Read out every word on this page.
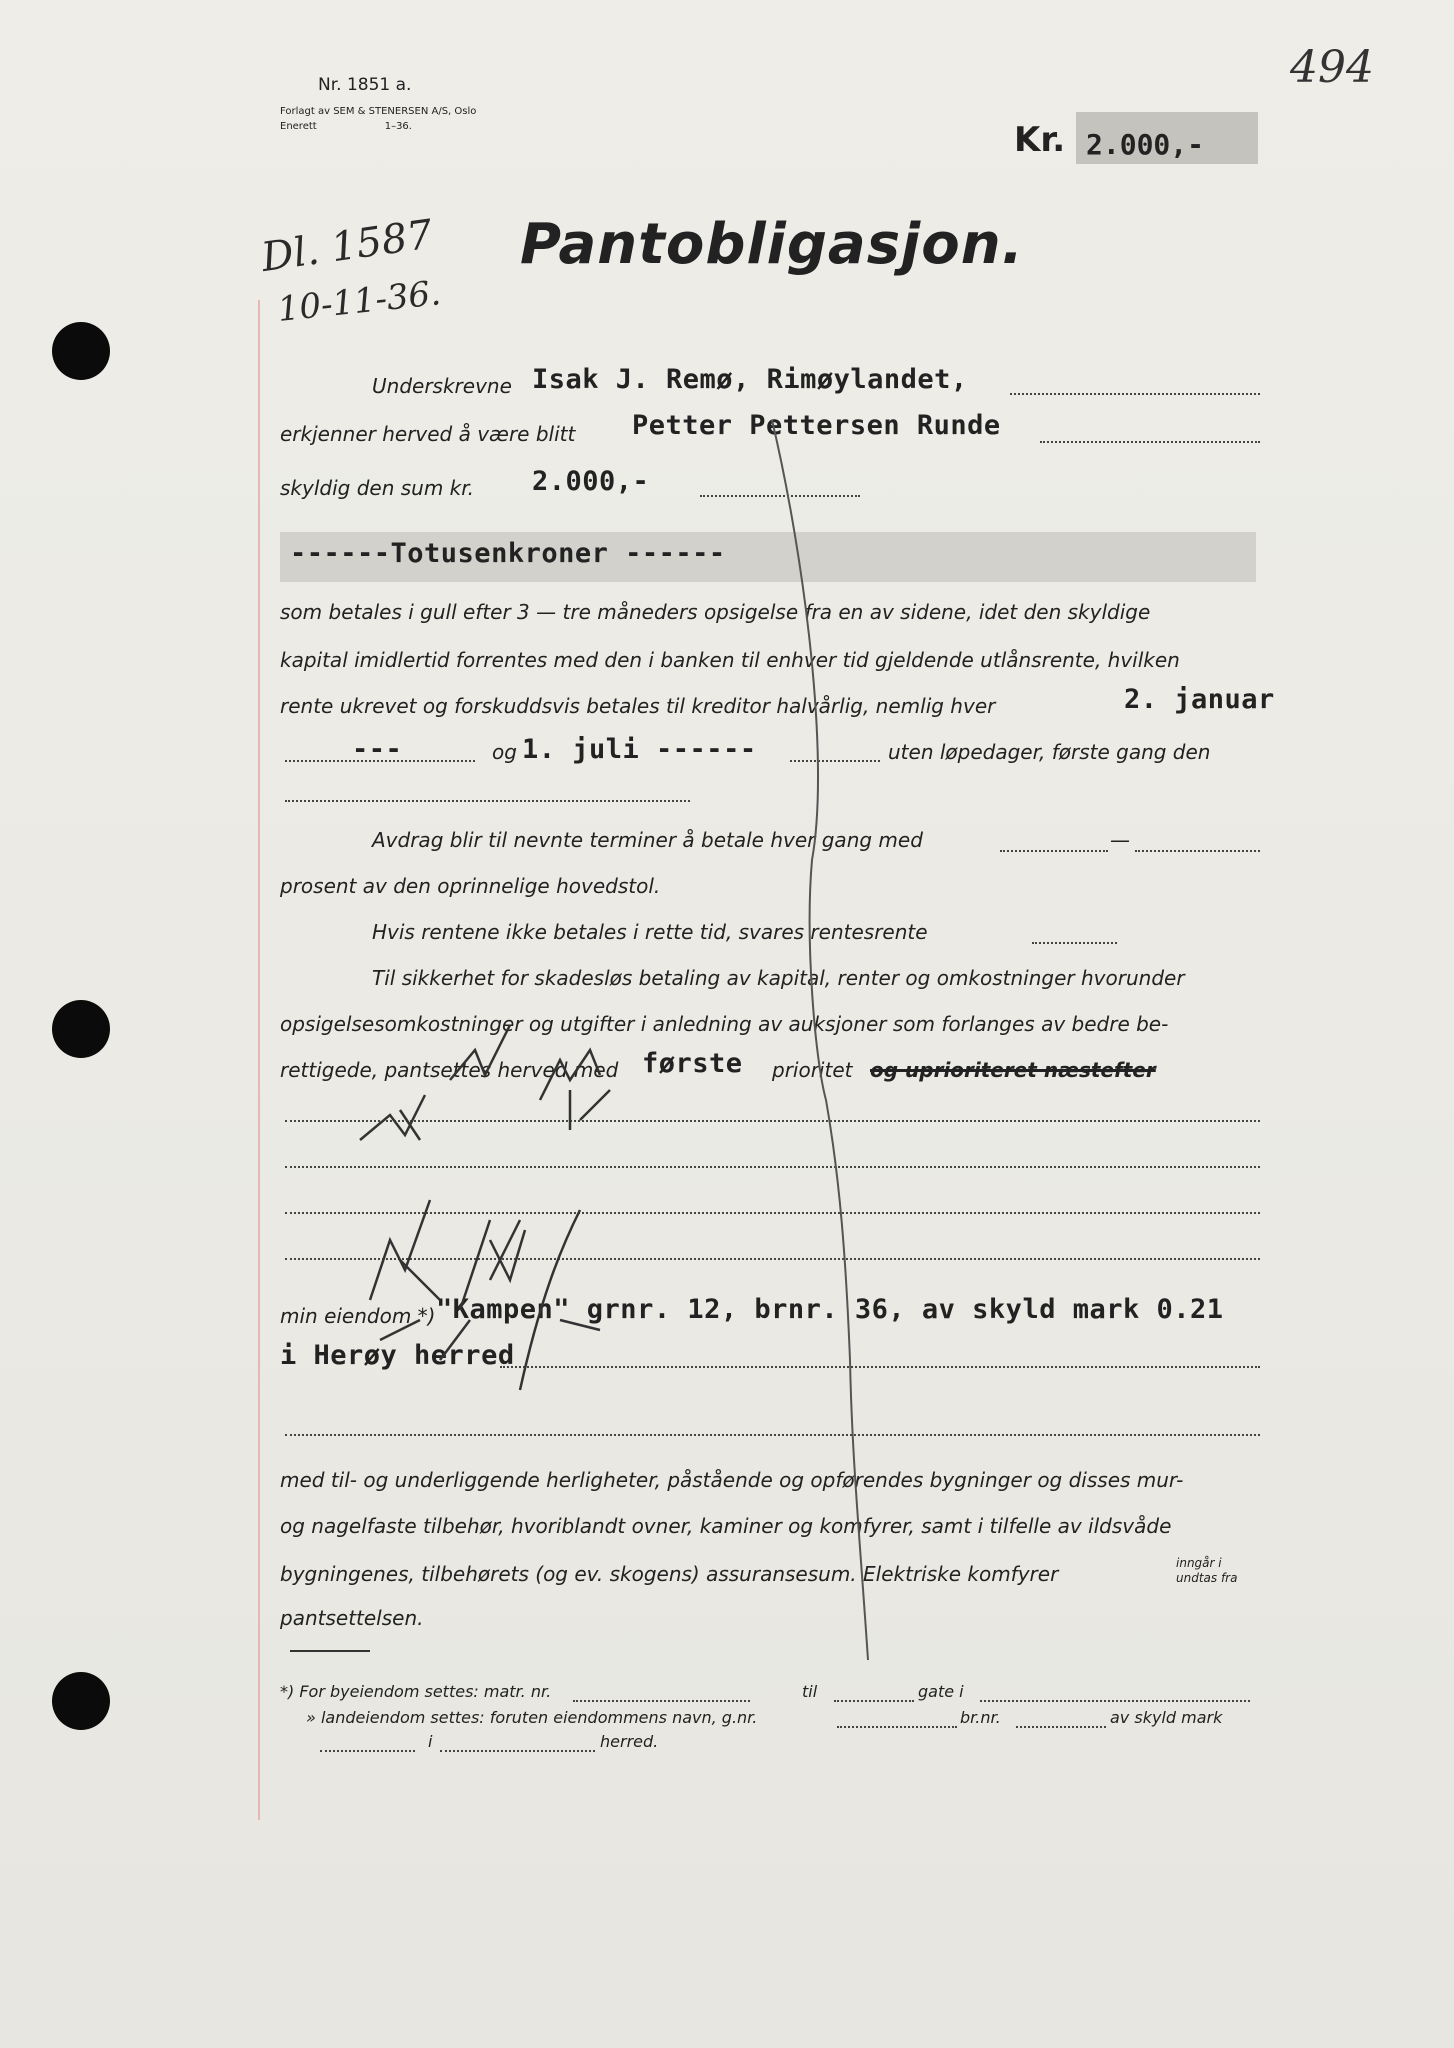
Nr. 1851 a.
Forlagt av SEM & STENERSEN A/S, Oslo
Enerett	1–36.
494
Kr. 2.000,-
Dl. 1587
10-11-36.
Pantobligasjon.
Underskrevne Isak J. Remø, Rimøylandet,
erkjenner herved å være blitt Petter Pettersen Runde
skyldig den sum kr. 2.000,-
------Totusenkroner ------
som betales i gull efter 3 — tre måneders opsigelse fra en av sidene, idet den skyldige
kapital imidlertid forrentes med den i banken til enhver tid gjeldende utlånsrente, hvilken
rente ukrevet og forskuddsvis betales til kreditor halvårlig, nemlig hver	2. januar
---	og 1. juli ------	uten løpedager, første gang den
Avdrag blir til nevnte terminer å betale hver gang med	—
prosent av den oprinnelige hovedstol.
Hvis rentene ikke betales i rette tid, svares rentesrente
Til sikkerhet for skadesløs betaling av kapital, renter og omkostninger hvorunder
opsigelsesomkostninger og utgifter i anledning av auksjoner som forlanges av bedre be-
rettigede, pantsettes herved med første prioritet og uprioriteret næstefter
min eiendom *) "Kampen" grnr. 12, brnr. 36, av skyld mark 0.21
i Herøy herred
med til- og underliggende herligheter, påstående og opførendes bygninger og disses mur-
og nagelfaste tilbehør, hvoriblandt ovner, kaminer og komfyrer, samt i tilfelle av ildsvåde
bygningenes, tilbehørets (og ev. skogens) assuransesum. Elektriske komfyrer	inngår i
undtas fra
pantsettelsen.
*) For byeiendom settes: matr. nr.	til	gate i
» landeiendom settes: foruten eiendommens navn, g.nr.	br.nr.	av skyld mark
i	herred.
